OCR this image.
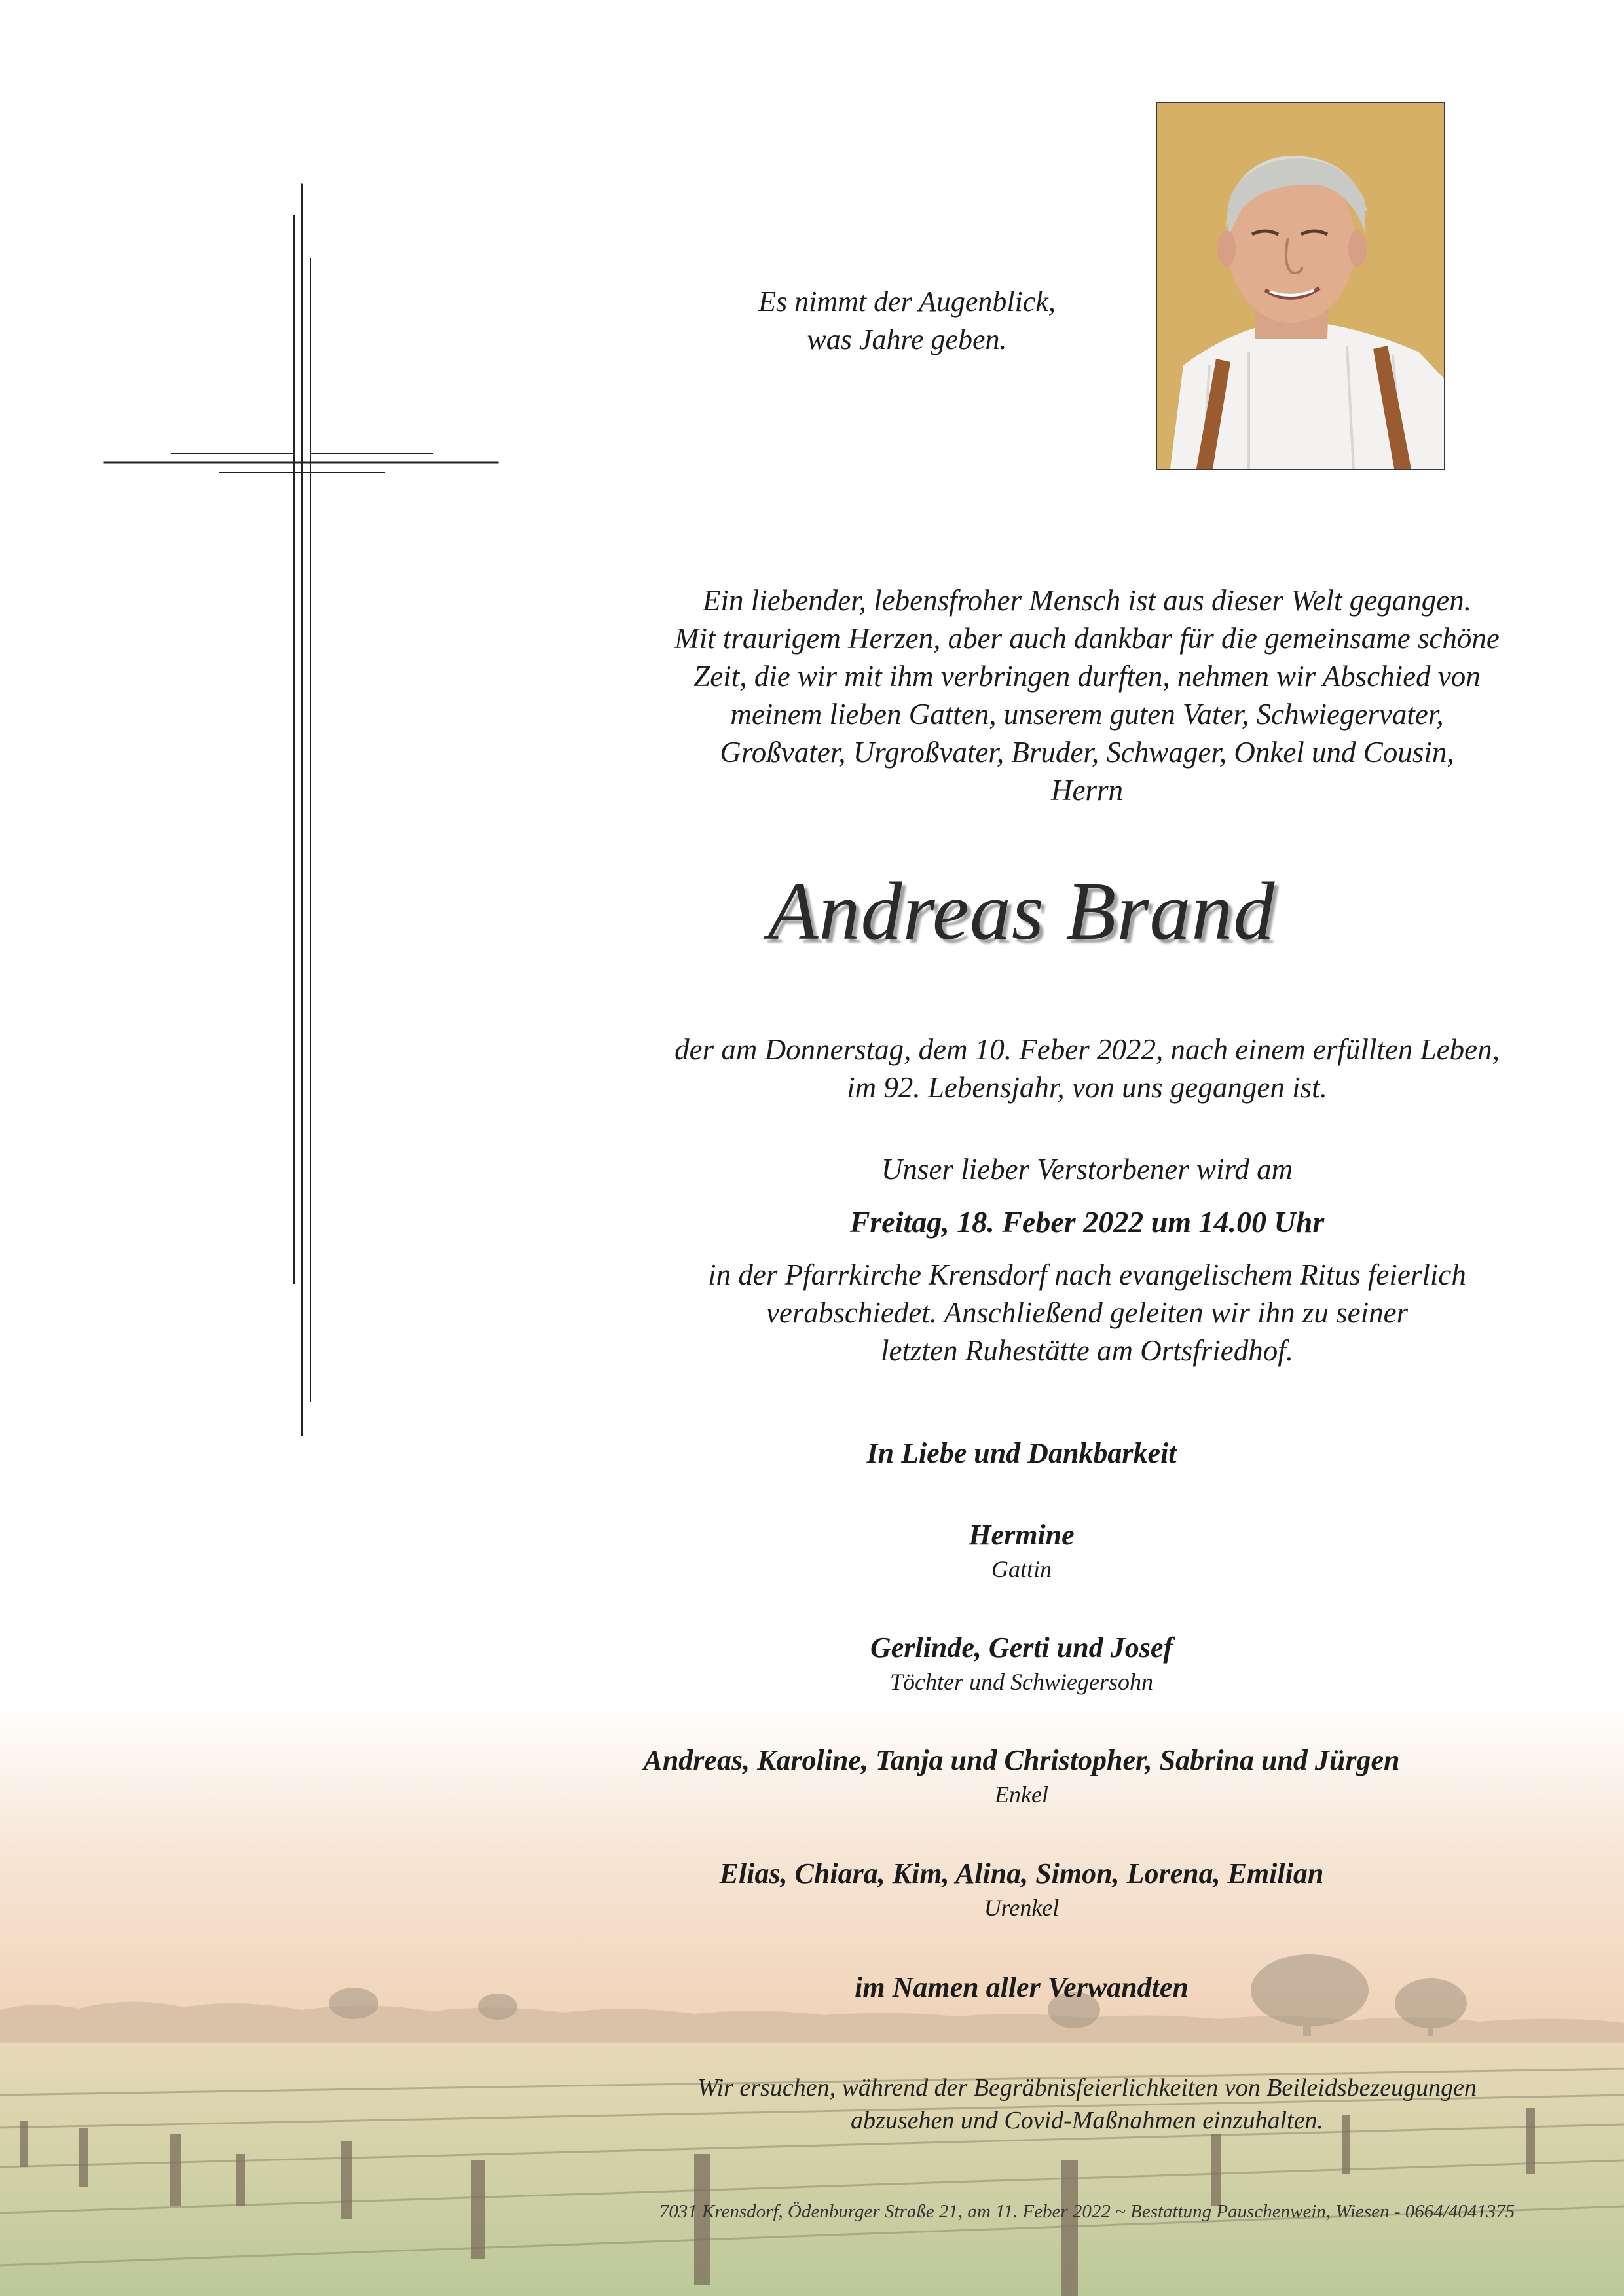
Es nimmt der Augenblick,
was Jahre geben.
Ein liebender, lebensfroher Mensch ist aus dieser Welt gegangen.
Mit traurigem Herzen, aber auch dankbar für die gemeinsame schöne
Zeit, die wir mit ihm verbringen durften, nehmen wir Abschied von
meinem lieben Gatten, unserem guten Vater, Schwiegervater,
Großvater, Urgroßvater, Bruder, Schwager, Onkel und Cousin,
Herrn
Andreas Brand
der am Donnerstag, dem 10. Feber 2022, nach einem erfüllten Leben,
im 92. Lebensjahr, von uns gegangen ist.
Unser lieber Verstorbener wird am
Freitag, 18. Feber 2022 um 14.00 Uhr
in der Pfarrkirche Krensdorf nach evangelischem Ritus feierlich
verabschiedet. Anschließend geleiten wir ihn zu seiner
letzten Ruhestätte am Ortsfriedhof.
In Liebe und Dankbarkeit
Hermine
Gattin
Gerlinde, Gerti und Josef
Töchter und Schwiegersohn
Andreas, Karoline, Tanja und Christopher, Sabrina und Jürgen
Enkel
Elias, Chiara, Kim, Alina, Simon, Lorena, Emilian
Urenkel
im Namen aller Verwandten
Wir ersuchen, während der Begräbnisfeierlichkeiten von Beileidsbezeugungen
abzusehen und Covid-Maßnahmen einzuhalten.
7031 Krensdorf, Ödenburger Straße 21, am 11. Feber 2022 ~ Bestattung Pauschenwein, Wiesen - 0664/4041375
